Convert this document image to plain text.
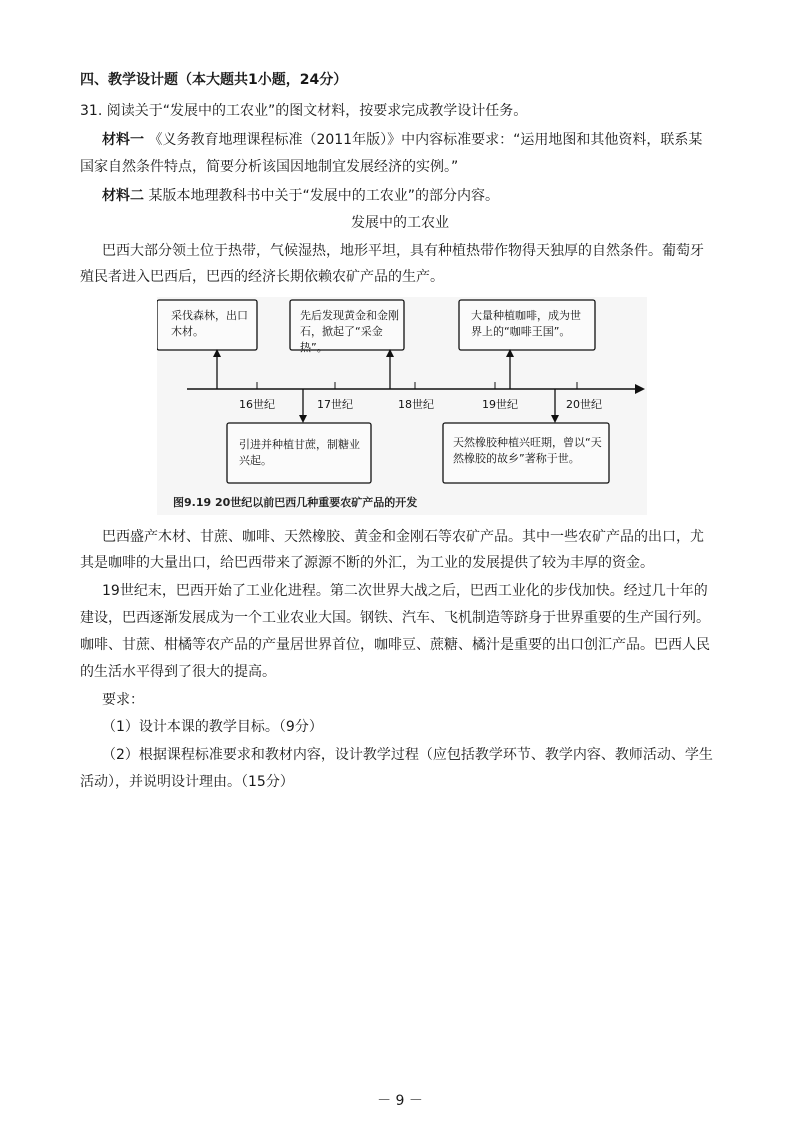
四、教学设计题（本大题共1小题，24分）
31. 阅读关于“发展中的工农业”的图文材料，按要求完成教学设计任务。
材料一 《义务教育地理课程标准（2011年版）》中内容标准要求：“运用地图和其他资料，联系某
国家自然条件特点，简要分析该国因地制宜发展经济的实例。”
材料二 某版本地理教科书中关于“发展中的工农业”的部分内容。
发展中的工农业
巴西大部分领土位于热带，气候湿热，地形平坦，具有种植热带作物得天独厚的自然条件。葡萄牙
殖民者进入巴西后，巴西的经济长期依赖农矿产品的生产。
采伐森林，出口木材。
先后发现黄金和金刚石，掀起了“采金热”。
大量种植咖啡，成为世界上的“咖啡王国”。
引进并种植甘蔗，制糖业兴起。
天然橡胶种植兴旺期，曾以“天然橡胶的故乡”著称于世。
16世纪	17世纪	18世纪	19世纪	20世纪
图9.19 20世纪以前巴西几种重要农矿产品的开发
巴西盛产木材、甘蔗、咖啡、天然橡胶、黄金和金刚石等农矿产品。其中一些农矿产品的出口，尤
其是咖啡的大量出口，给巴西带来了源源不断的外汇，为工业的发展提供了较为丰厚的资金。
19世纪末，巴西开始了工业化进程。第二次世界大战之后，巴西工业化的步伐加快。经过几十年的
建设，巴西逐渐发展成为一个工业农业大国。钢铁、汽车、飞机制造等跻身于世界重要的生产国行列。
咖啡、甘蔗、柑橘等农产品的产量居世界首位，咖啡豆、蔗糖、橘汁是重要的出口创汇产品。巴西人民
的生活水平得到了很大的提高。
要求：
（1）设计本课的教学目标。（9分）
（2）根据课程标准要求和教材内容，设计教学过程（应包括教学环节、教学内容、教师活动、学生
活动），并说明设计理由。（15分）
－ 9 －
